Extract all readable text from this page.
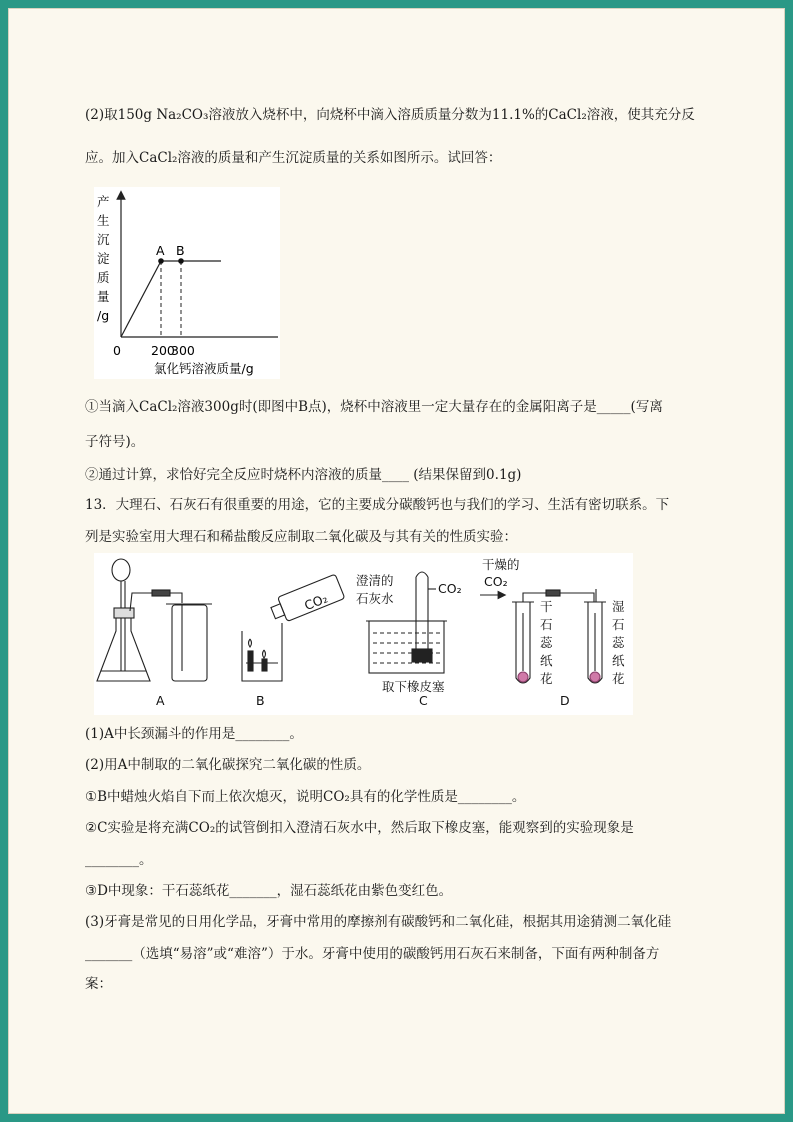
(2)取150g Na₂CO₃溶液放入烧杯中，向烧杯中滴入溶质质量分数为11.1%的CaCl₂溶液，使其充分反
应。加入CaCl₂溶液的质量和产生沉淀质量的关系如图所示。试回答：
产
生
沉
淀
质
量
/g
A B
0 200
300
氯化钙溶液质量/g
①当滴入CaCl₂溶液300g时(即图中B点)，烧杯中溶液里一定大量存在的金属阳离子是_____(写离
子符号)。
②通过计算，求恰好完全反应时烧杯内溶液的质量____ (结果保留到0.1g)
13．大理石、石灰石有很重要的用途，它的主要成分碳酸钙也与我们的学习、生活有密切联系。下
列是实验室用大理石和稀盐酸反应制取二氧化碳及与其有关的性质实验：
A	B	C	D
CO₂
澄清的
石灰水
CO₂
取下橡皮塞
干燥的
CO₂
干
石
蕊
纸
花
湿
石
蕊
纸
花
(1)A中长颈漏斗的作用是________。
(2)用A中制取的二氧化碳探究二氧化碳的性质。
①B中蜡烛火焰自下而上依次熄灭，说明CO₂具有的化学性质是________。
②C实验是将充满CO₂的试管倒扣入澄清石灰水中，然后取下橡皮塞，能观察到的实验现象是
________。
③D中现象：干石蕊纸花_______，湿石蕊纸花由紫色变红色。
(3)牙膏是常见的日用化学品，牙膏中常用的摩擦剂有碳酸钙和二氧化硅，根据其用途猜测二氧化硅
_______（选填“易溶”或“难溶”）于水。牙膏中使用的碳酸钙用石灰石来制备，下面有两种制备方
案：
